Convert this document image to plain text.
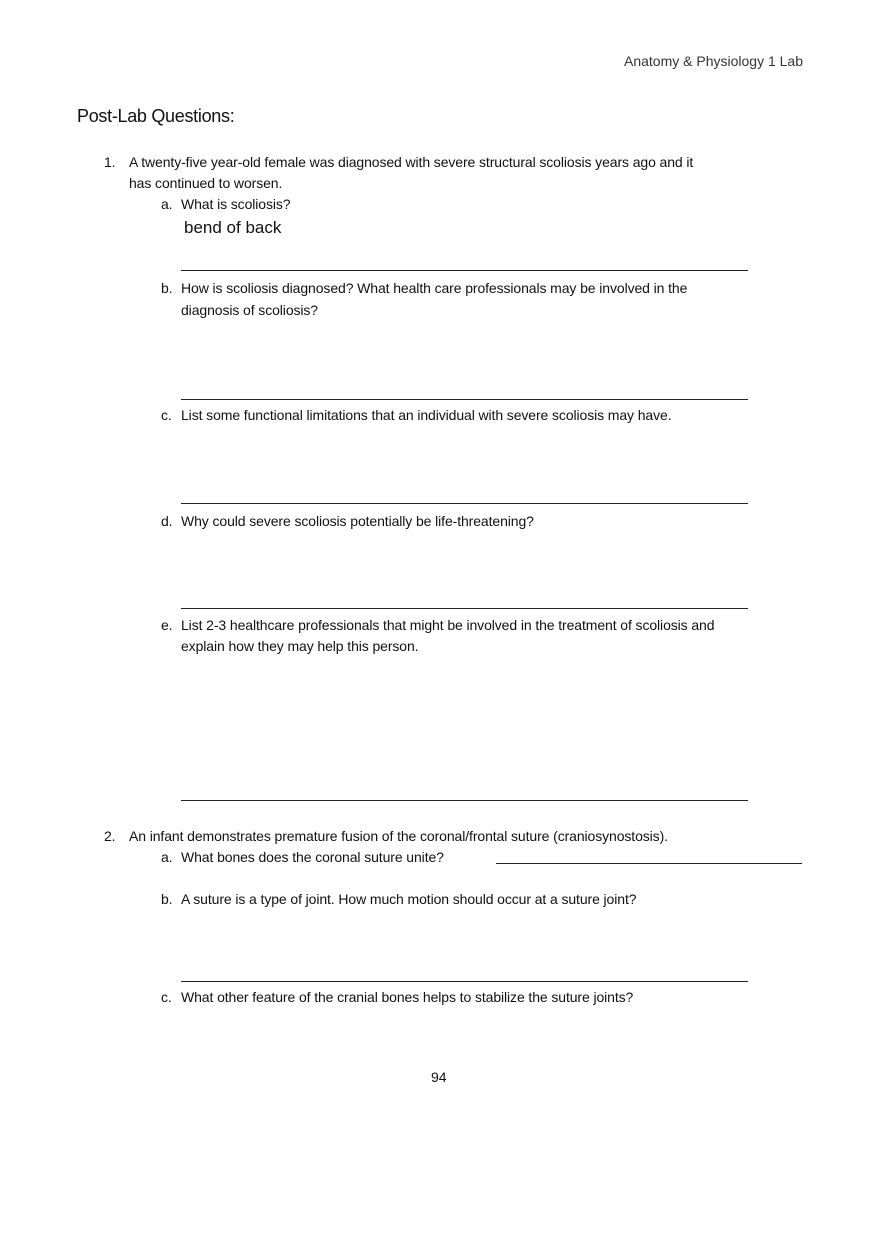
Anatomy & Physiology 1 Lab
Post-Lab Questions:
1. A twenty-five year-old female was diagnosed with severe structural scoliosis years ago and it
has continued to worsen.
a. What is scoliosis?
bend of back
b. How is scoliosis diagnosed? What health care professionals may be involved in the
diagnosis of scoliosis?
c. List some functional limitations that an individual with severe scoliosis may have.
d. Why could severe scoliosis potentially be life-threatening?
e. List 2-3 healthcare professionals that might be involved in the treatment of scoliosis and
explain how they may help this person.
2. An infant demonstrates premature fusion of the coronal/frontal suture (craniosynostosis).
a. What bones does the coronal suture unite?
b. A suture is a type of joint. How much motion should occur at a suture joint?
c. What other feature of the cranial bones helps to stabilize the suture joints?
94
